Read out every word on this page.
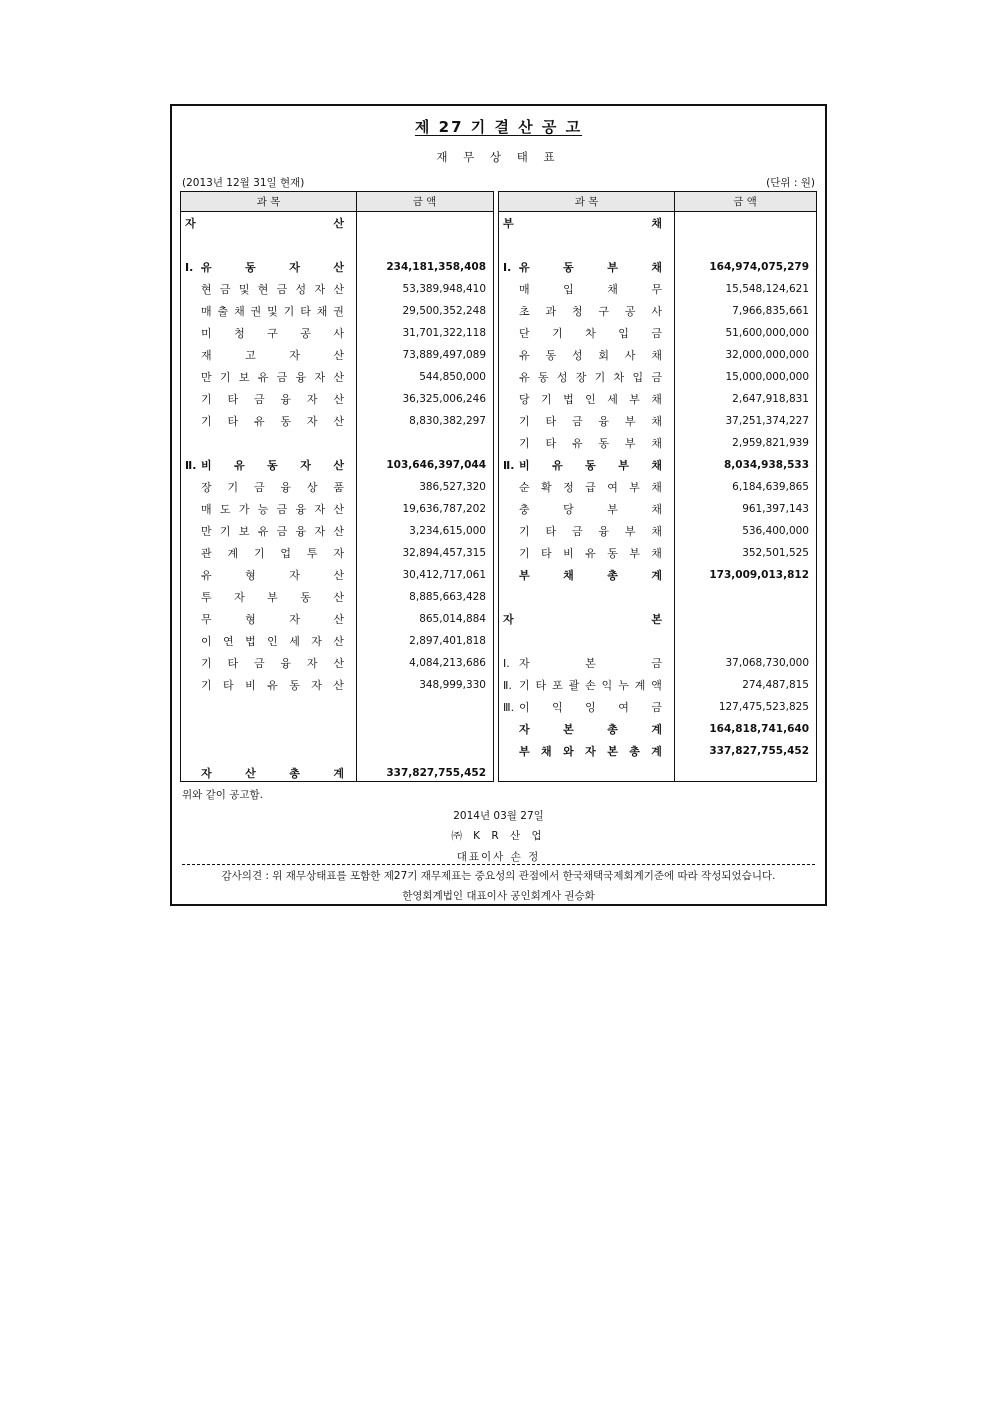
제 27 기 결 산 공 고
재 무 상 태 표
(2013년 12월 31일 현재)	(단위 : 원)
과 목	금 액
자	산
Ⅰ. 유	동	자	산	234,181,358,408
현 금 및 현 금 성 자 산	53,389,948,410
매 출 채 권 및 기 타 채 권	29,500,352,248
미 청 구 공 사	31,701,322,118
재	고	자	산	73,889,497,089
만 기 보 유 금 융 자 산	544,850,000
기 타 금 융 자 산	36,325,006,246
기 타 유 동 자 산	8,830,382,297
Ⅱ. 비 유 동 자 산	103,646,397,044
장 기 금 융 상 품	386,527,320
매 도 가 능 금 융 자 산	19,636,787,202
만 기 보 유 금 융 자 산	3,234,615,000
관 계 기 업 투 자	32,894,457,315
유	형	자	산	30,412,717,061
투 자 부 동 산	8,885,663,428
무	형	자	산	865,014,884
이 연 법 인 세 자 산	2,897,401,818
기 타 금 융 자 산	4,084,213,686
기 타 비 유 동 자 산	348,999,330
자	산	총	계	337,827,755,452
과 목	금 액
부	채
Ⅰ. 유	동	부	채	164,974,075,279
매	입	채	무	15,548,124,621
초 과 청 구 공 사	7,966,835,661
단 기 차 입 금	51,600,000,000
유 동 성 회 사 채	32,000,000,000
유 동 성 장 기 차 입 금	15,000,000,000
당 기 법 인 세 부 채	2,647,918,831
기 타 금 융 부 채	37,251,374,227
기 타 유 동 부 채	2,959,821,939
Ⅱ. 비 유 동 부 채	8,034,938,533
순 확 정 급 여 부 채	6,184,639,865
충	당	부	채	961,397,143
기 타 금 융 부 채	536,400,000
기 타 비 유 동 부 채	352,501,525
부	채	총	계	173,009,013,812
자	본
Ⅰ. 자	본	금	37,068,730,000
Ⅱ. 기 타 포 괄 손 익 누 계 액	274,487,815
Ⅲ. 이 익 잉 여 금	127,475,523,825
자	본	총	계	164,818,741,640
부 채 와 자 본 총 계	337,827,755,452
위와 같이 공고함.
2014년 03월 27일
㈜ K R 산 업
대표이사 손 정
감사의견 : 위 재무상태표를 포함한 제27기 재무제표는 중요성의 관점에서 한국채택국제회계기준에 따라 작성되었습니다.
한영회계법인 대표이사 공인회계사 권승화
